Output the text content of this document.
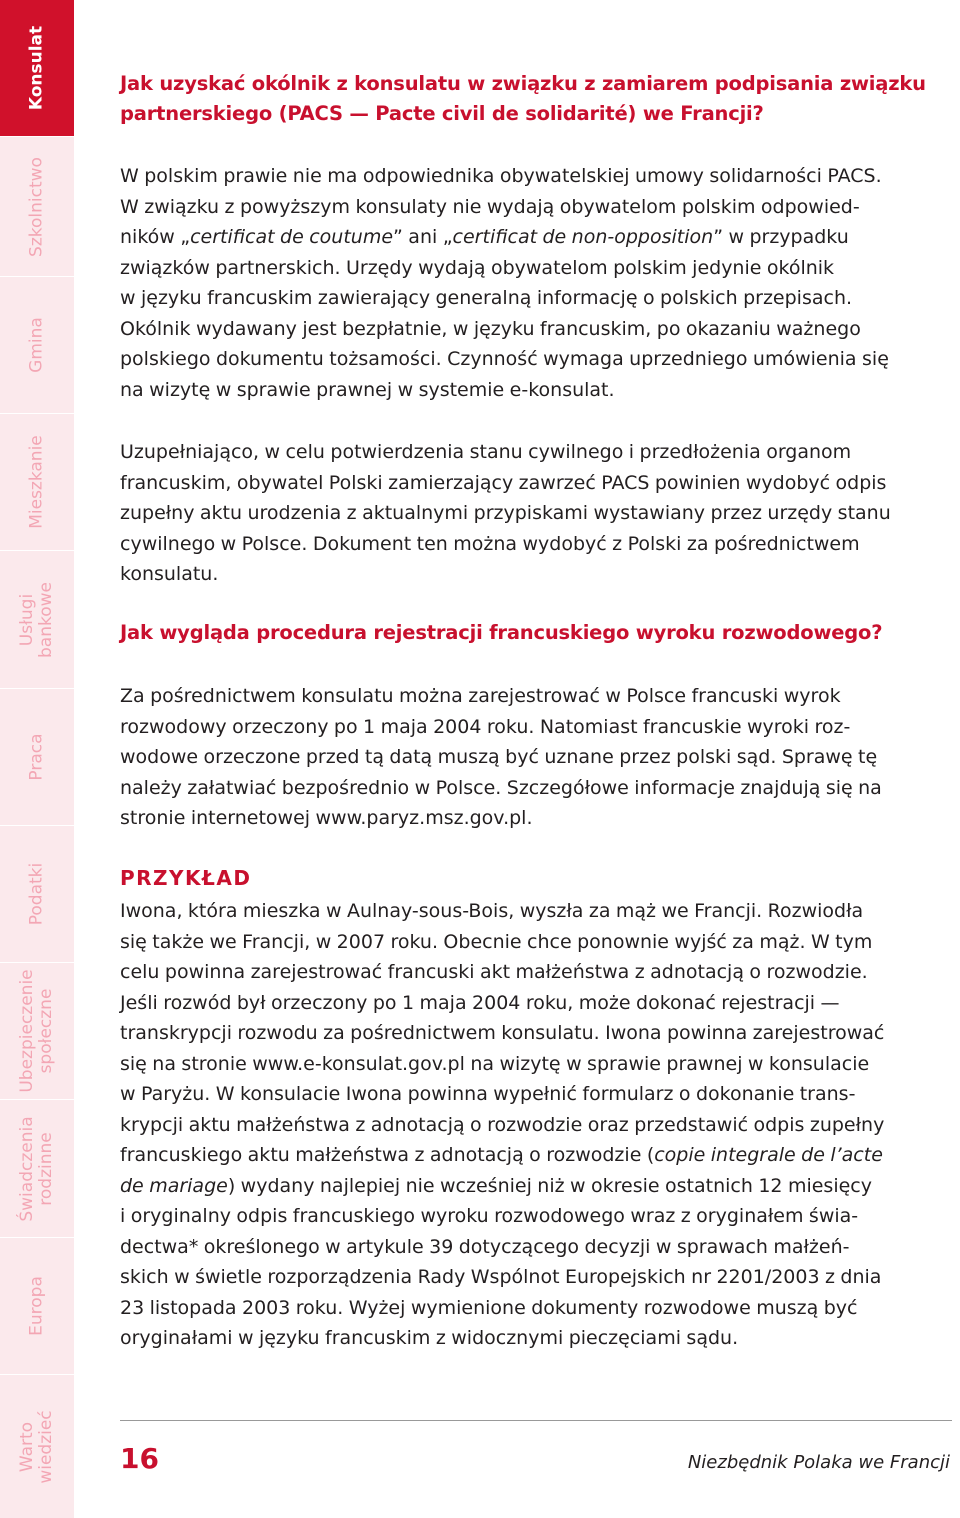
Konsulat
Szkolnictwo
Gmina
Mieszkanie
Usługi bankowe
Praca
Podatki
Ubezpieczenie społeczne
Świadczenia rodzinne
Europa
Warto wiedzieć
Jak uzyskać okólnik z konsulatu w związku z zamiarem podpisania związku
partnerskiego (PACS — Pacte civil de solidarité) we Francji?

W polskim prawie nie ma odpowiednika obywatelskiej umowy solidarności PACS.
W związku z powyższym konsulaty nie wydają obywatelom polskim odpowied-
ników „certificat de coutume” ani „certificat de non-opposition” w przypadku
związków partnerskich. Urzędy wydają obywatelom polskim jedynie okólnik
w języku francuskim zawierający generalną informację o polskich przepisach.
Okólnik wydawany jest bezpłatnie, w języku francuskim, po okazaniu ważnego
polskiego dokumentu tożsamości. Czynność wymaga uprzedniego umówienia się
na wizytę w sprawie prawnej w systemie e-konsulat.

Uzupełniająco, w celu potwierdzenia stanu cywilnego i przedłożenia organom
francuskim, obywatel Polski zamierzający zawrzeć PACS powinien wydobyć odpis
zupełny aktu urodzenia z aktualnymi przypiskami wystawiany przez urzędy stanu
cywilnego w Polsce. Dokument ten można wydobyć z Polski za pośrednictwem
konsulatu.

Jak wygląda procedura rejestracji francuskiego wyroku rozwodowego?

Za pośrednictwem konsulatu można zarejestrować w Polsce francuski wyrok
rozwodowy orzeczony po 1 maja 2004 roku. Natomiast francuskie wyroki roz-
wodowe orzeczone przed tą datą muszą być uznane przez polski sąd. Sprawę tę
należy załatwiać bezpośrednio w Polsce. Szczegółowe informacje znajdują się na
stronie internetowej www.paryz.msz.gov.pl.

PRZYKŁAD

Iwona, która mieszka w Aulnay-sous-Bois, wyszła za mąż we Francji. Rozwiodła
się także we Francji, w 2007 roku. Obecnie chce ponownie wyjść za mąż. W tym
celu powinna zarejestrować francuski akt małżeństwa z adnotacją o rozwodzie.
Jeśli rozwód był orzeczony po 1 maja 2004 roku, może dokonać rejestracji —
transkrypcji rozwodu za pośrednictwem konsulatu. Iwona powinna zarejestrować
się na stronie www.e-konsulat.gov.pl na wizytę w sprawie prawnej w konsulacie
w Paryżu. W konsulacie Iwona powinna wypełnić formularz o dokonanie trans-
krypcji aktu małżeństwa z adnotacją o rozwodzie oraz przedstawić odpis zupełny
francuskiego aktu małżeństwa z adnotacją o rozwodzie (copie integrale de l’acte
de mariage) wydany najlepiej nie wcześniej niż w okresie ostatnich 12 miesięcy
i oryginalny odpis francuskiego wyroku rozwodowego wraz z oryginałem świa-
dectwa* określonego w artykule 39 dotyczącego decyzji w sprawach małżeń-
skich w świetle rozporządzenia Rady Wspólnot Europejskich nr 2201/2003 z dnia
23 listopada 2003 roku. Wyżej wymienione dokumenty rozwodowe muszą być
oryginałami w języku francuskim z widocznymi pieczęciami sądu.

16	Niezbędnik Polaka we Francji
